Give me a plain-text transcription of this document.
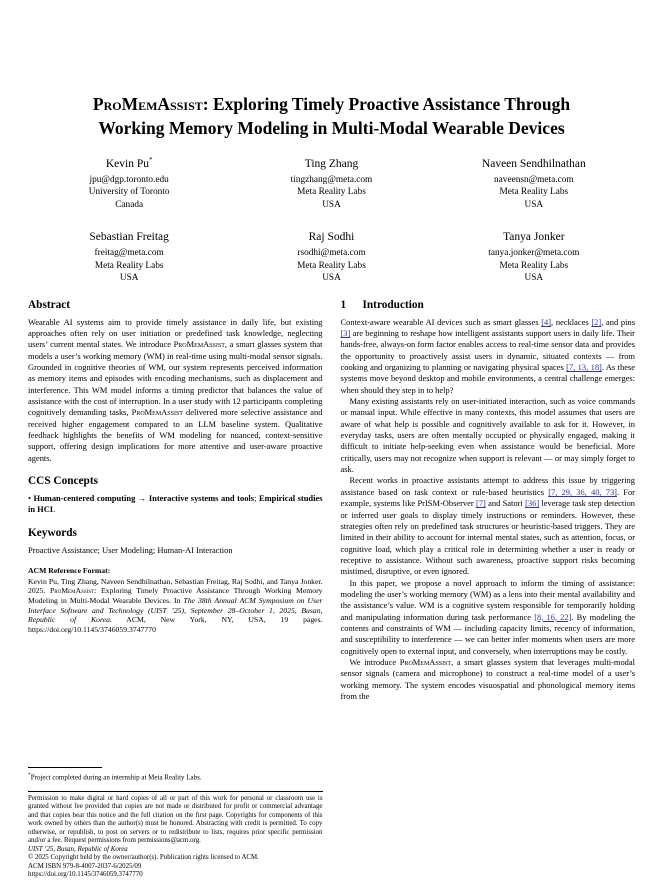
ProMemAssist: Exploring Timely Proactive Assistance Through
Working Memory Modeling in Multi-Modal Wearable Devices
Kevin Pu*
jpu@dgp.toronto.edu
University of Toronto
Canada
Ting Zhang
tingzhang@meta.com
Meta Reality Labs
USA
Naveen Sendhilnathan
naveensn@meta.com
Meta Reality Labs
USA
Sebastian Freitag
freitag@meta.com
Meta Reality Labs
USA
Raj Sodhi
rsodhi@meta.com
Meta Reality Labs
USA
Tanya Jonker
tanya.jonker@meta.com
Meta Reality Labs
USA
Abstract

Wearable AI systems aim to provide timely assistance in daily life, but existing approaches often rely on user initiation or predefined task knowledge, neglecting users’ current mental states. We introduce ProMemAssist, a smart glasses system that models a user’s working memory (WM) in real-time using multi-modal sensor signals. Grounded in cognitive theories of WM, our system represents perceived information as memory items and episodes with encoding mechanisms, such as displacement and interference. This WM model informs a timing predictor that balances the value of assistance with the cost of interruption. In a user study with 12 participants completing cognitively demanding tasks, ProMemAssist delivered more selective assistance and received higher engagement compared to an LLM baseline system. Qualitative feedback highlights the benefits of WM modeling for nuanced, context-sensitive support, offering design implications for more attentive and user-aware proactive agents.

CCS Concepts

• Human-centered computing → Interactive systems and tools; Empirical studies in HCI.

Keywords

Proactive Assistance; User Modeling; Human-AI Interaction

ACM Reference Format:

Kevin Pu, Ting Zhang, Naveen Sendhilnathan, Sebastian Freitag, Raj Sodhi, and Tanya Jonker. 2025. ProMemAssist: Exploring Timely Proactive Assistance Through Working Memory Modeling in Multi-Modal Wearable Devices. In The 38th Annual ACM Symposium on User Interface Software and Technology (UIST ’25), September 28–October 1, 2025, Busan, Republic of Korea. ACM, New York, NY, USA, 19 pages. https://doi.org/10.1145/3746059.3747770

*Project completed during an internship at Meta Reality Labs.

Permission to make digital or hard copies of all or part of this work for personal or classroom use is granted without fee provided that copies are not made or distributed for profit or commercial advantage and that copies bear this notice and the full citation on the first page. Copyrights for components of this work owned by others than the author(s) must be honored. Abstracting with credit is permitted. To copy otherwise, or republish, to post on servers or to redistribute to lists, requires prior specific permission and/or a fee. Request permissions from permissions@acm.org.

UIST ’25, Busan, Republic of Korea

© 2025 Copyright held by the owner/author(s). Publication rights licensed to ACM.

ACM ISBN 979-8-4007-2037-6/2025/09

https://doi.org/10.1145/3746059.3747770

1 Introduction

Context-aware wearable AI devices such as smart glasses [4], necklaces [2], and pins [3] are beginning to reshape how intelligent assistants support users in daily life. Their hands-free, always-on form factor enables access to real-time sensor data and provides the opportunity to proactively assist users in dynamic, situated contexts — from cooking and organizing to planning or navigating physical spaces [7, 13, 18]. As these systems move beyond desktop and mobile environments, a central challenge emerges: when should they step in to help?

Many existing assistants rely on user-initiated interaction, such as voice commands or manual input. While effective in many contexts, this model assumes that users are aware of what help is possible and cognitively available to ask for it. However, in everyday tasks, users are often mentally occupied or physically engaged, making it difficult to initiate help-seeking even when assistance would be beneficial. More critically, users may not recognize when support is relevant — or may simply forget to ask.

Recent works in proactive assistants attempt to address this issue by triggering assistance based on task context or rule-based heuristics [7, 29, 36, 40, 73]. For example, systems like PrISM-Observer [7] and Satori [36] leverage task step detection or inferred user goals to display timely instructions or reminders. However, these strategies often rely on predefined task structures or heuristic-based triggers. They are limited in their ability to account for internal mental states, such as attention, focus, or cognitive load, which play a critical role in determining whether a user is ready or receptive to assistance. Without such awareness, proactive support risks becoming mistimed, disruptive, or even ignored.

In this paper, we propose a novel approach to inform the timing of assistance: modeling the user’s working memory (WM) as a lens into their mental availability and the assistance’s value. WM is a cognitive system responsible for temporarily holding and manipulating information during task performance [8, 16, 22]. By modeling the contents and constraints of WM — including capacity limits, recency of information, and susceptibility to interference — we can better infer moments when users are more cognitively open to external input, and conversely, when interruptions may be costly.

We introduce ProMemAssist, a smart glasses system that leverages multi-modal sensor signals (camera and microphone) to construct a real-time model of a user’s working memory. The system encodes visuospatial and phonological memory items from the
